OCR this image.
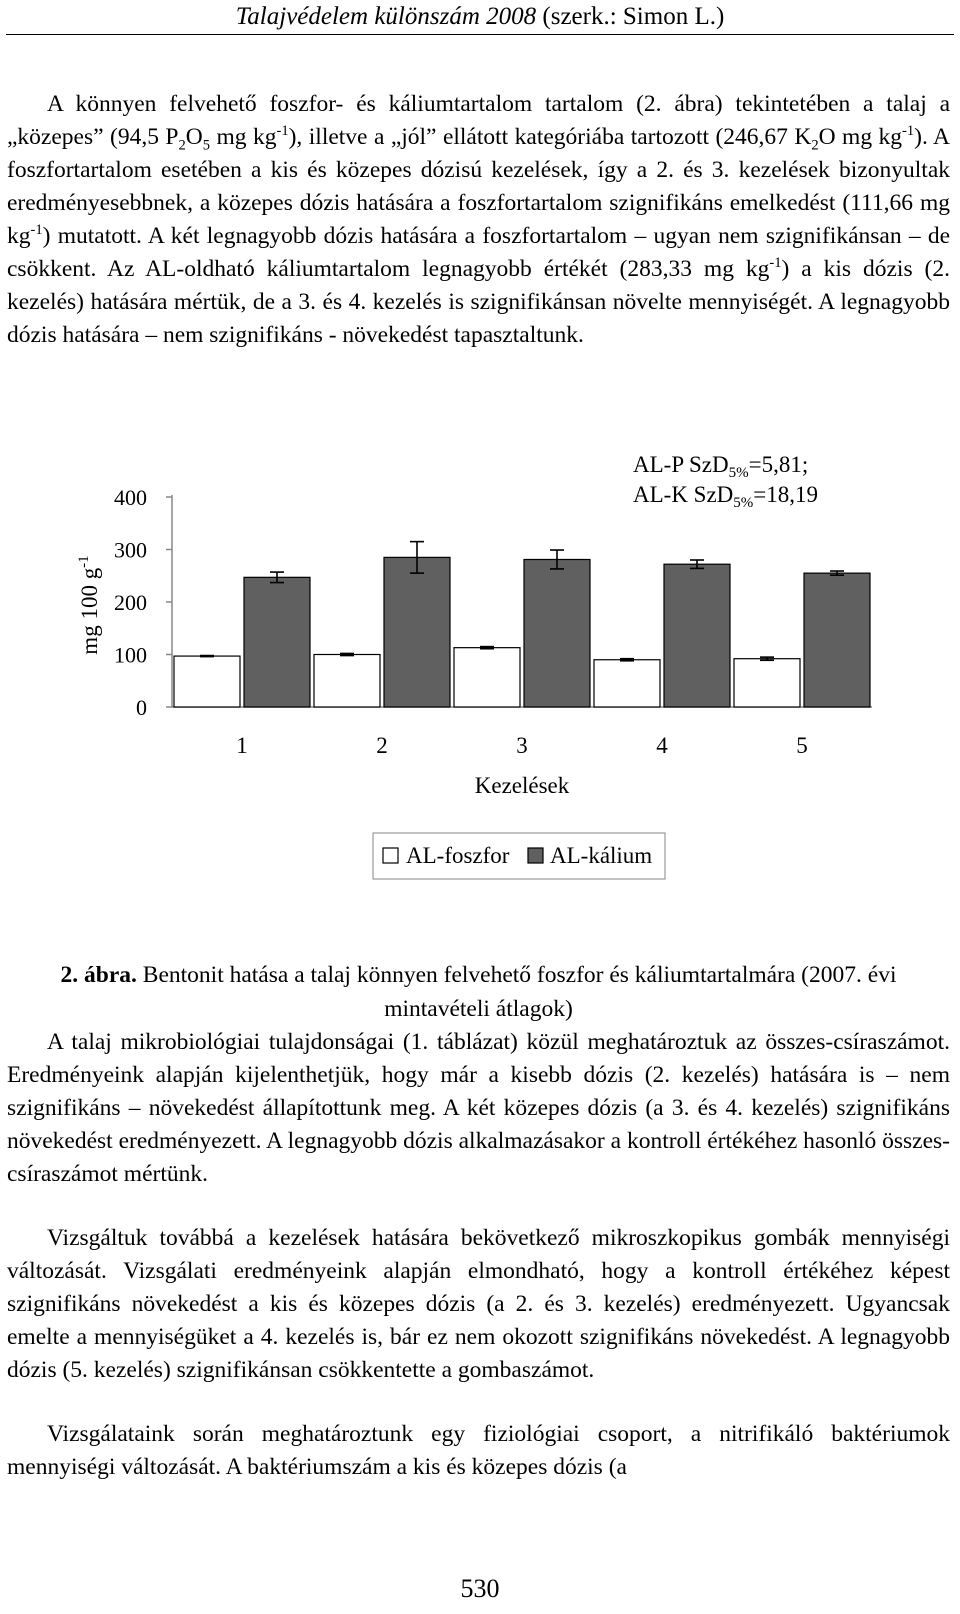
Talajvédelem különszám 2008 (szerk.: Simon L.)
A könnyen felvehető foszfor- és káliumtartalom tartalom (2. ábra) tekintetében a talaj a „közepes” (94,5 $P_2O_5$ mg $kg^{-1}$), illetve a „jól” ellátott kategóriába tartozott (246,67 $K_2O$ mg $kg^{-1}$). A foszfortartalom esetében a kis és közepes dózisú kezelések, így a 2. és 3. kezelések bizonyultak eredményesebbnek, a közepes dózis hatására a foszfortartalom szignifikáns emelkedést (111,66 mg $kg^{-1}$) mutatott. A két legnagyobb dózis hatására a foszfortartalom – ugyan nem szignifikánsan – de csökkent. Az AL-oldható káliumtartalom legnagyobb értékét (283,33 mg $kg^{-1}$) a kis dózis (2. kezelés) hatására mértük, de a 3. és 4. kezelés is szignifikánsan növelte mennyiségét. A legnagyobb dózis hatására – nem szignifikáns - növekedést tapasztaltunk.
0
100
200
300
400
1	2	3	4	5
mg 100 $g^{-1}$
Kezelések
AL-P SzD$_{5\%}$=5,81;
AL-K SzD$_{5\%}$=18,19
AL-foszfor AL-kálium
2. ábra. Bentonit hatása a talaj könnyen felvehető foszfor és káliumtartalmára (2007. évi mintavételi átlagok)
A talaj mikrobiológiai tulajdonságai (1. táblázat) közül meghatároztuk az összes-csíraszámot. Eredményeink alapján kijelenthetjük, hogy már a kisebb dózis (2. kezelés) hatására is – nem szignifikáns – növekedést állapítottunk meg. A két közepes dózis (a 3. és 4. kezelés) szignifikáns növekedést eredményezett. A legnagyobb dózis alkalmazásakor a kontroll értékéhez hasonló összes-csíraszámot mértünk.
Vizsgáltuk továbbá a kezelések hatására bekövetkező mikroszkopikus gombák mennyiségi változását. Vizsgálati eredményeink alapján elmondható, hogy a kontroll értékéhez képest szignifikáns növekedést a kis és közepes dózis (a 2. és 3. kezelés) eredményezett. Ugyancsak emelte a mennyiségüket a 4. kezelés is, bár ez nem okozott szignifikáns növekedést. A legnagyobb dózis (5. kezelés) szignifikánsan csökkentette a gombaszámot.
Vizsgálataink során meghatároztunk egy fiziológiai csoport, a nitrifikáló baktériumok mennyiségi változását. A baktériumszám a kis és közepes dózis (a
530
